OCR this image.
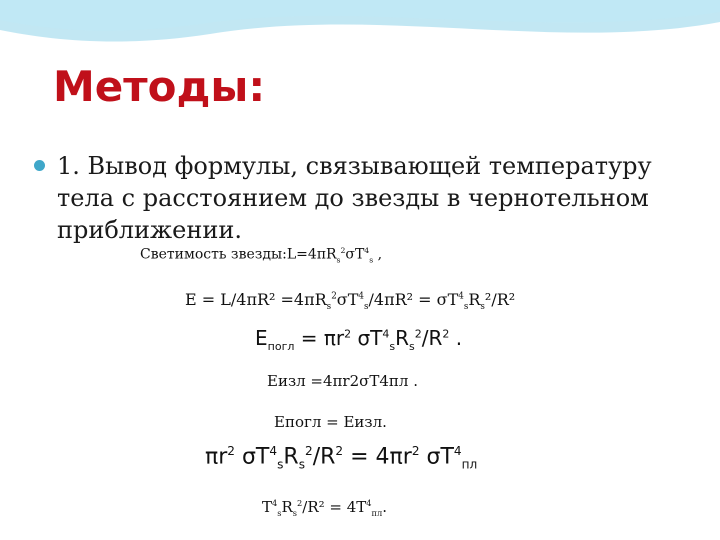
Методы:

1. Вывод формулы, связывающей температуру тела с расстоянием до звезды в чернотельном приближении.

Светимость $звезды:L=4\pi R_s^2\sigma T^4_s$ ,
$E = L/4\pi R^2 =4\pi R_s^2\sigma T^4_s/4\pi R^2 = \sigma T^4_sR_s^2/R^2$
$E_{погл} = \pi r^2$ $\sigma T^4_sR_s^2/R^2$ .
Еизл =4πr2σT4пл .
Епогл = Еизл.
$\pi r^2$ $\sigma T^4_sR_s^2/R^2 = 4\pi r^2$ $\sigma T^4_{пл}$
$T^4_sR_s^2/R^2 = 4T^4_{пл}$.
